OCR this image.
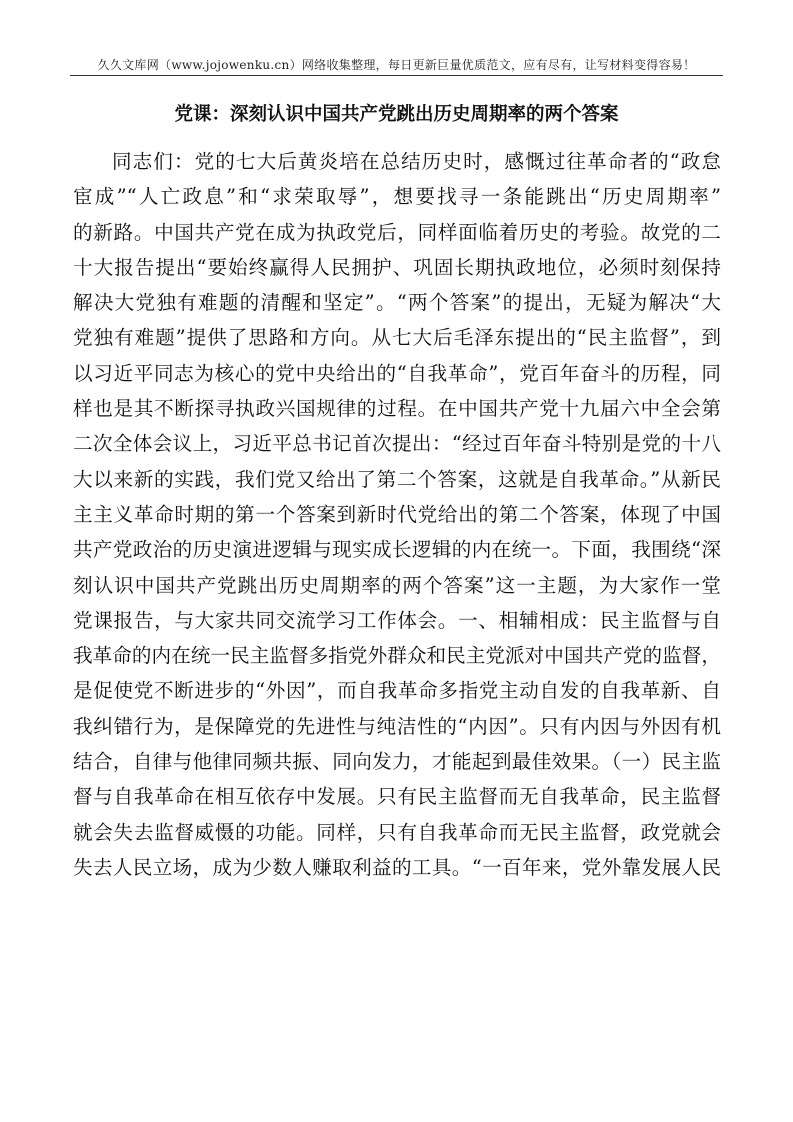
久久文库网（www.jojowenku.cn）网络收集整理，每日更新巨量优质范文，应有尽有，让写材料变得容易！
党课：深刻认识中国共产党跳出历史周期率的两个答案
同志们：党的七大后黄炎培在总结历史时，感慨过往革命者的“政怠
宦成”“人亡政息”和“求荣取辱”，想要找寻一条能跳出“历史周期率”
的新路。中国共产党在成为执政党后，同样面临着历史的考验。故党的二
十大报告提出“要始终赢得人民拥护、巩固长期执政地位，必须时刻保持
解决大党独有难题的清醒和坚定”。“两个答案”的提出，无疑为解决“大
党独有难题”提供了思路和方向。从七大后毛泽东提出的“民主监督”，到
以习近平同志为核心的党中央给出的“自我革命”，党百年奋斗的历程，同
样也是其不断探寻执政兴国规律的过程。在中国共产党十九届六中全会第
二次全体会议上，习近平总书记首次提出：“经过百年奋斗特别是党的十八
大以来新的实践，我们党又给出了第二个答案，这就是自我革命。”从新民
主主义革命时期的第一个答案到新时代党给出的第二个答案，体现了中国
共产党政治的历史演进逻辑与现实成长逻辑的内在统一。下面，我围绕“深
刻认识中国共产党跳出历史周期率的两个答案”这一主题，为大家作一堂
党课报告，与大家共同交流学习工作体会。一、相辅相成：民主监督与自
我革命的内在统一民主监督多指党外群众和民主党派对中国共产党的监督，
是促使党不断进步的“外因”，而自我革命多指党主动自发的自我革新、自
我纠错行为，是保障党的先进性与纯洁性的“内因”。只有内因与外因有机
结合，自律与他律同频共振、同向发力，才能起到最佳效果。（一）民主监
督与自我革命在相互依存中发展。只有民主监督而无自我革命，民主监督
就会失去监督威慑的功能。同样，只有自我革命而无民主监督，政党就会
失去人民立场，成为少数人赚取利益的工具。“一百年来，党外靠发展人民
